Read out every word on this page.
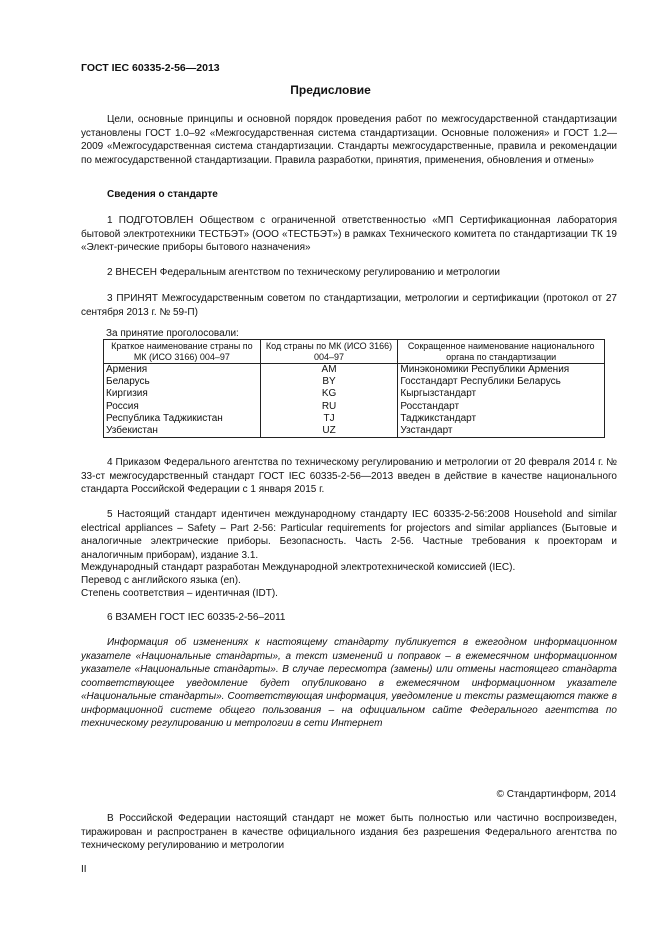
ГОСТ IEC 60335-2-56—2013
Предисловие

Цели, основные принципы и основной порядок проведения работ по межгосударственной стандартизации установлены ГОСТ 1.0–92 «Межгосударственная система стандартизации. Основные положения» и ГОСТ 1.2—2009 «Межгосударственная система стандартизации. Стандарты межгосударственные, правила и рекомендации по межгосударственной стандартизации. Правила разработки, принятия, применения, обновления и отмены»

Сведения о стандарте

1 ПОДГОТОВЛЕН Обществом с ограниченной ответственностью «МП Сертификационная лаборатория бытовой электротехники ТЕСТБЭТ» (ООО «ТЕСТБЭТ») в рамках Технического комитета по стандартизации ТК 19 «Элект-рические приборы бытового назначения»

2 ВНЕСЕН Федеральным агентством по техническому регулированию и метрологии

3 ПРИНЯТ Межгосударственным советом по стандартизации, метрологии и сертификации (протокол от 27 сентября 2013 г. № 59-П)

За принятие проголосовали:
Краткое наименование страны по МК (ИСО 3166) 004–97	Код страны по МК (ИСО 3166) 004–97	Сокращенное наименование национального органа по стандартизации
Армения	AM	Минэкономики Республики Армения
Беларусь	BY	Госстандарт Республики Беларусь
Киргизия	KG	Кыргызстандарт
Россия	RU	Росстандарт
Республика Таджикистан	TJ	Таджикстандарт
Узбекистан	UZ	Узстандарт

4 Приказом Федерального агентства по техническому регулированию и метрологии от 20 февраля 2014 г. № 33-ст межгосударственный стандарт ГОСТ IEC 60335-2-56—2013 введен в действие в качестве национального стандарта Российской Федерации с 1 января 2015 г.

5 Настоящий стандарт идентичен международному стандарту IEC 60335-2-56:2008 Household and similar electrical appliances – Safety – Part 2-56: Particular requirements for projectors and similar appliances (Бытовые и аналогичные электрические приборы. Безопасность. Часть 2-56. Частные требования к проекторам и аналогичным приборам), издание 3.1.

Международный стандарт разработан Международной электротехнической комиссией (IEC).

Перевод с английского языка (en).

Степень соответствия – идентичная (IDT).

6 ВЗАМЕН ГОСТ IEC 60335-2-56–2011

Информация об изменениях к настоящему стандарту публикуется в ежегодном информационном указателе «Национальные стандарты», а текст изменений и поправок – в ежемесячном информационном указателе «Национальные стандарты». В случае пересмотра (замены) или отмены настоящего стандарта соответствующее уведомление будет опубликовано в ежемесячном информационном указателе «Национальные стандарты». Соответствующая информация, уведомление и тексты размещаются также в информационной системе общего пользования – на официальном сайте Федерального агентства по техническому регулированию и метрологии в сети Интернет

© Стандартинформ, 2014

В Российской Федерации настоящий стандарт не может быть полностью или частично воспроизведен, тиражирован и распространен в качестве официального издания без разрешения Федерального агентства по техническому регулированию и метрологии

II
